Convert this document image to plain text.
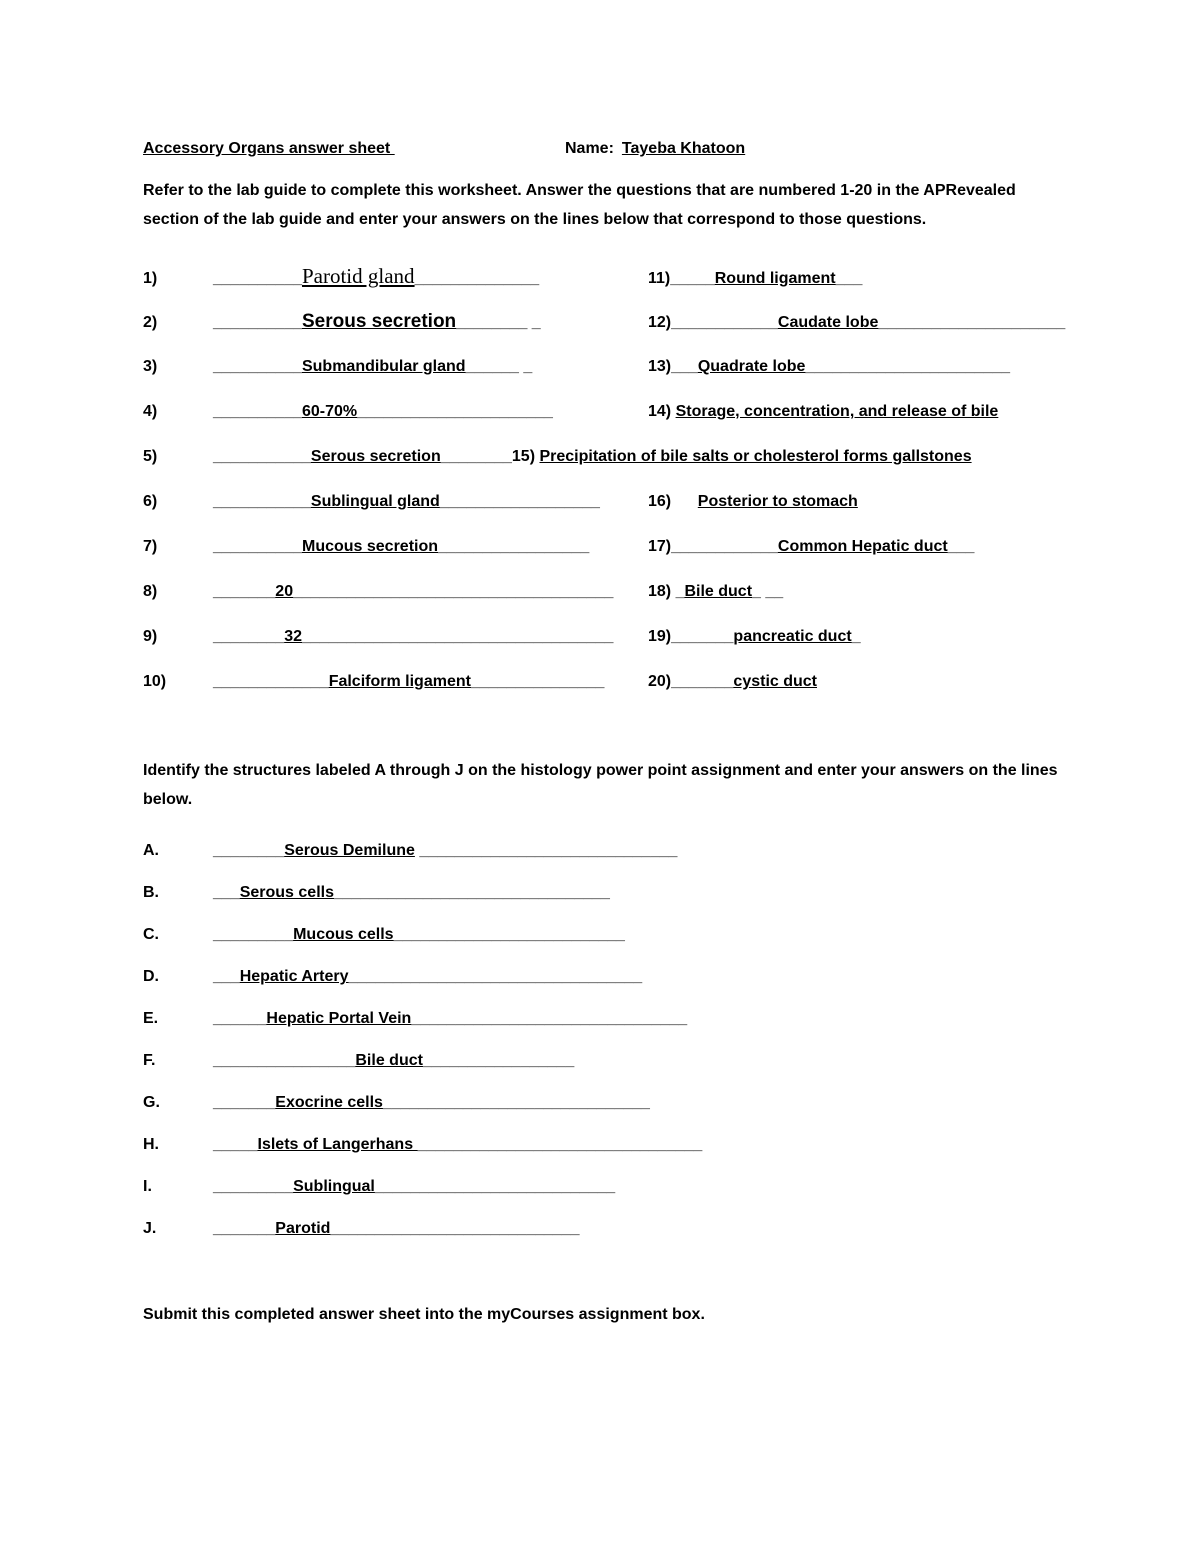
Accessory Organs answer sheet	Name: Tayeba Khatoon
Refer to the lab guide to complete this worksheet. Answer the questions that are numbered 1-20 in the APRevealed section of the lab guide and enter your answers on the lines below that correspond to those questions.
1)	__________Parotid gland______________	11)_____Round ligament___
2)	__________Serous secretion________ _	12)____________Caudate lobe_____________________
3)	__________Submandibular gland______ _	13)___Quadrate lobe_______________________
4)	__________60-70%______________________	14) Storage, concentration, and release of bile
5)	___________Serous secretion________15) Precipitation of bile salts or cholesterol forms gallstones
6)	___________Sublingual gland__________________	16) Posterior to stomach
7)	__________Mucous secretion_________________	17)____________Common Hepatic duct___
8)	_______20____________________________________ 18) _Bile duct_ __
9)	________32___________________________________ 19)_______pancreatic duct_
10)	_____________Falciform ligament_______________	20)_______cystic duct
Identify the structures labeled A through J on the histology power point assignment and enter your answers on the lines below.
A.	________Serous Demilune _____________________________
B.	___Serous cells_______________________________
C.	_________Mucous cells__________________________
D.	___Hepatic Artery_________________________________
E.	______Hepatic Portal Vein_______________________________
F.	________________Bile duct_________________
G.	_______Exocrine cells______________________________
H.	_____Islets of Langerhans ________________________________
I.	_________Sublingual___________________________
J.	_______Parotid____________________________
Submit this completed answer sheet into the myCourses assignment box.
